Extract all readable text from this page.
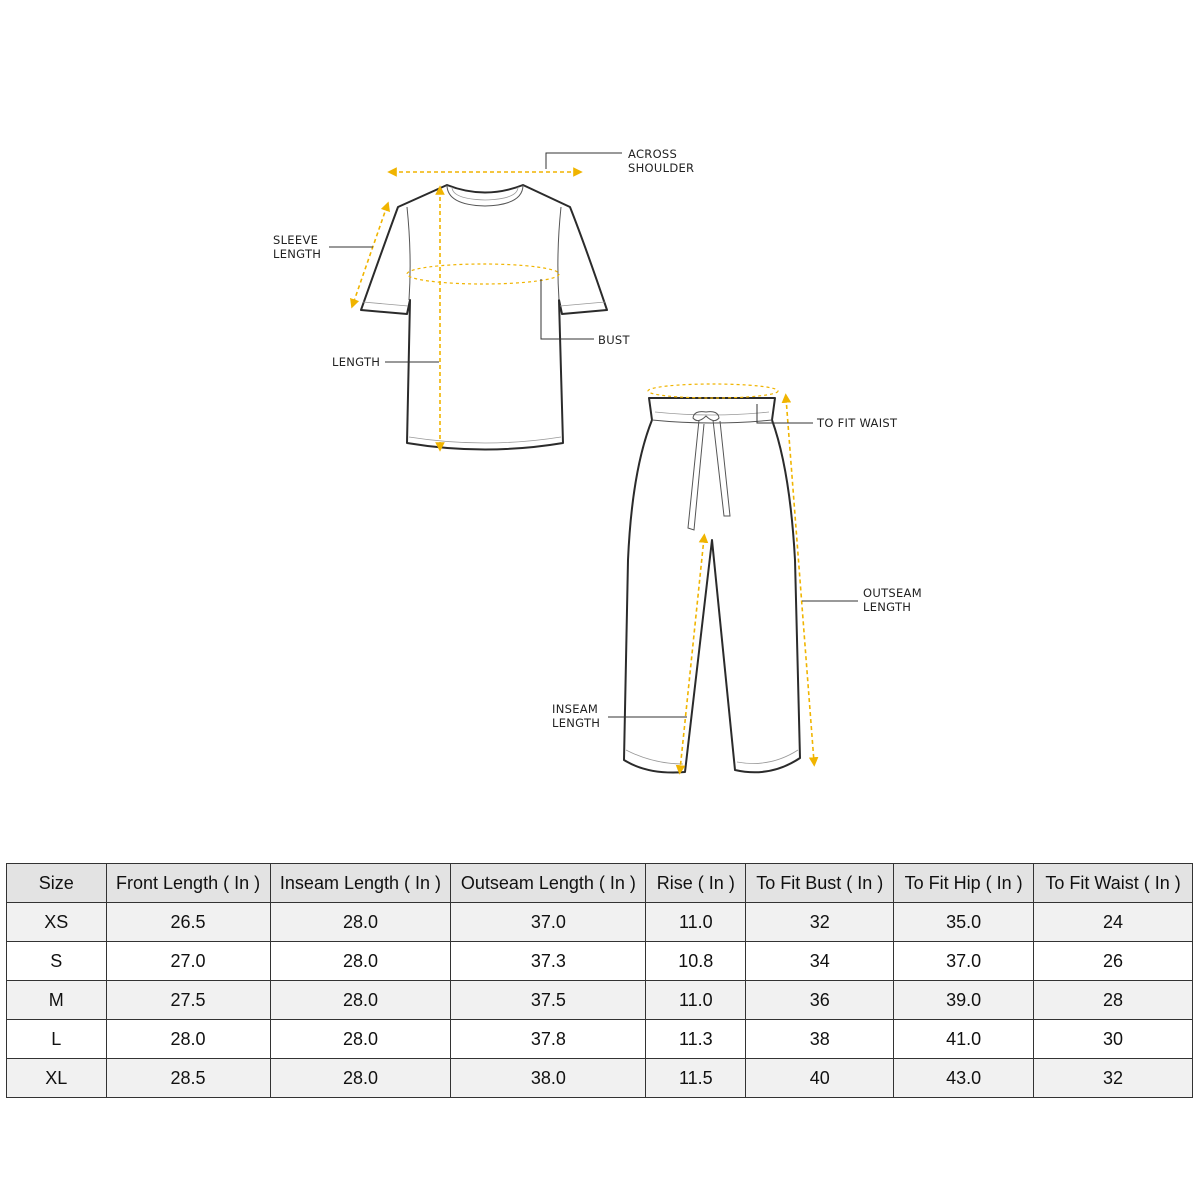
ACROSS
SHOULDER
SLEEVE
LENGTH
BUST
LENGTH
TO FIT WAIST
OUTSEAM
LENGTH
INSEAM
LENGTH
Size	Front Length ( In )	Inseam Length ( In )	Outseam Length ( In )	Rise ( In )	To Fit Bust ( In )	To Fit Hip ( In )	To Fit Waist ( In )
XS	26.5	28.0	37.0	11.0	32	35.0	24
S	27.0	28.0	37.3	10.8	34	37.0	26
M	27.5	28.0	37.5	11.0	36	39.0	28
L	28.0	28.0	37.8	11.3	38	41.0	30
XL	28.5	28.0	38.0	11.5	40	43.0	32
